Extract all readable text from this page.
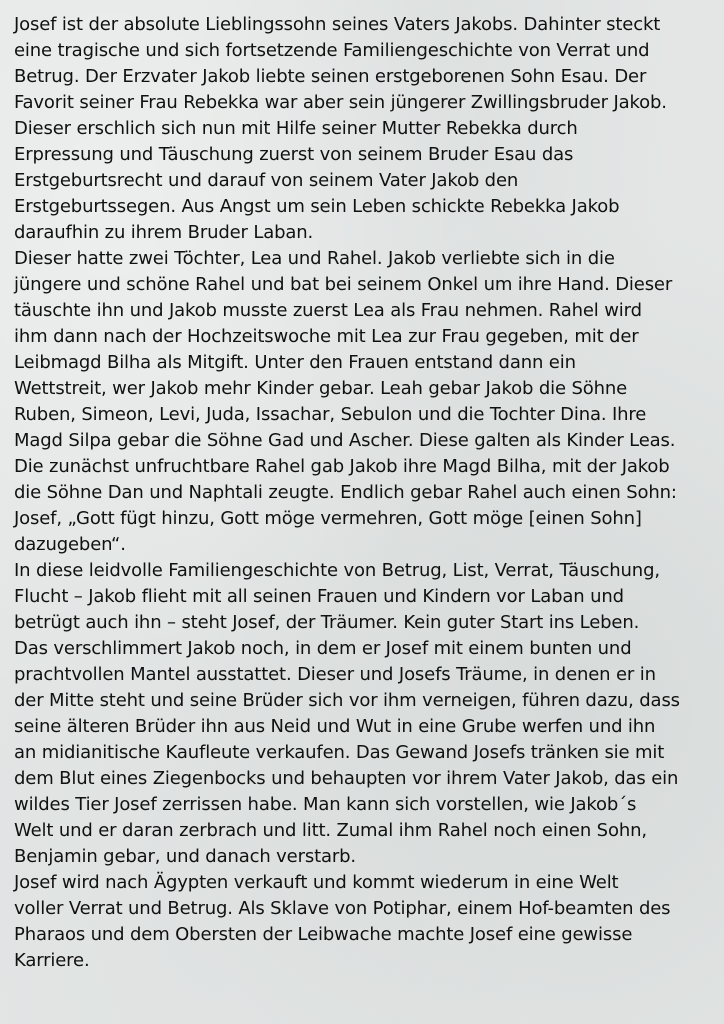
Josef ist der absolute Lieblingssohn seines Vaters Jakobs. Dahinter steckt
eine tragische und sich fortsetzende Familiengeschichte von Verrat und
Betrug. Der Erzvater Jakob liebte seinen erstgeborenen Sohn Esau. Der
Favorit seiner Frau Rebekka war aber sein jüngerer Zwillingsbruder Jakob.
Dieser erschlich sich nun mit Hilfe seiner Mutter Rebekka durch
Erpressung und Täuschung zuerst von seinem Bruder Esau das
Erstgeburtsrecht und darauf von seinem Vater Jakob den
Erstgeburtssegen. Aus Angst um sein Leben schickte Rebekka Jakob
daraufhin zu ihrem Bruder Laban.
Dieser hatte zwei Töchter, Lea und Rahel. Jakob verliebte sich in die
jüngere und schöne Rahel und bat bei seinem Onkel um ihre Hand. Dieser
täuschte ihn und Jakob musste zuerst Lea als Frau nehmen. Rahel wird
ihm dann nach der Hochzeitswoche mit Lea zur Frau gegeben, mit der
Leibmagd Bilha als Mitgift. Unter den Frauen entstand dann ein
Wettstreit, wer Jakob mehr Kinder gebar. Leah gebar Jakob die Söhne
Ruben, Simeon, Levi, Juda, Issachar, Sebulon und die Tochter Dina. Ihre
Magd Silpa gebar die Söhne Gad und Ascher. Diese galten als Kinder Leas.
Die zunächst unfruchtbare Rahel gab Jakob ihre Magd Bilha, mit der Jakob
die Söhne Dan und Naphtali zeugte. Endlich gebar Rahel auch einen Sohn:
Josef, „Gott fügt hinzu, Gott möge vermehren, Gott möge [einen Sohn]
dazugeben“.
In diese leidvolle Familiengeschichte von Betrug, List, Verrat, Täuschung,
Flucht – Jakob flieht mit all seinen Frauen und Kindern vor Laban und
betrügt auch ihn – steht Josef, der Träumer. Kein guter Start ins Leben.
Das verschlimmert Jakob noch, in dem er Josef mit einem bunten und
prachtvollen Mantel ausstattet. Dieser und Josefs Träume, in denen er in
der Mitte steht und seine Brüder sich vor ihm verneigen, führen dazu, dass
seine älteren Brüder ihn aus Neid und Wut in eine Grube werfen und ihn
an midianitische Kaufleute verkaufen. Das Gewand Josefs tränken sie mit
dem Blut eines Ziegenbocks und behaupten vor ihrem Vater Jakob, das ein
wildes Tier Josef zerrissen habe. Man kann sich vorstellen, wie Jakob´s
Welt und er daran zerbrach und litt. Zumal ihm Rahel noch einen Sohn,
Benjamin gebar, und danach verstarb.
Josef wird nach Ägypten verkauft und kommt wiederum in eine Welt
voller Verrat und Betrug. Als Sklave von Potiphar, einem Hof-beamten des
Pharaos und dem Obersten der Leibwache machte Josef eine gewisse
Karriere.
